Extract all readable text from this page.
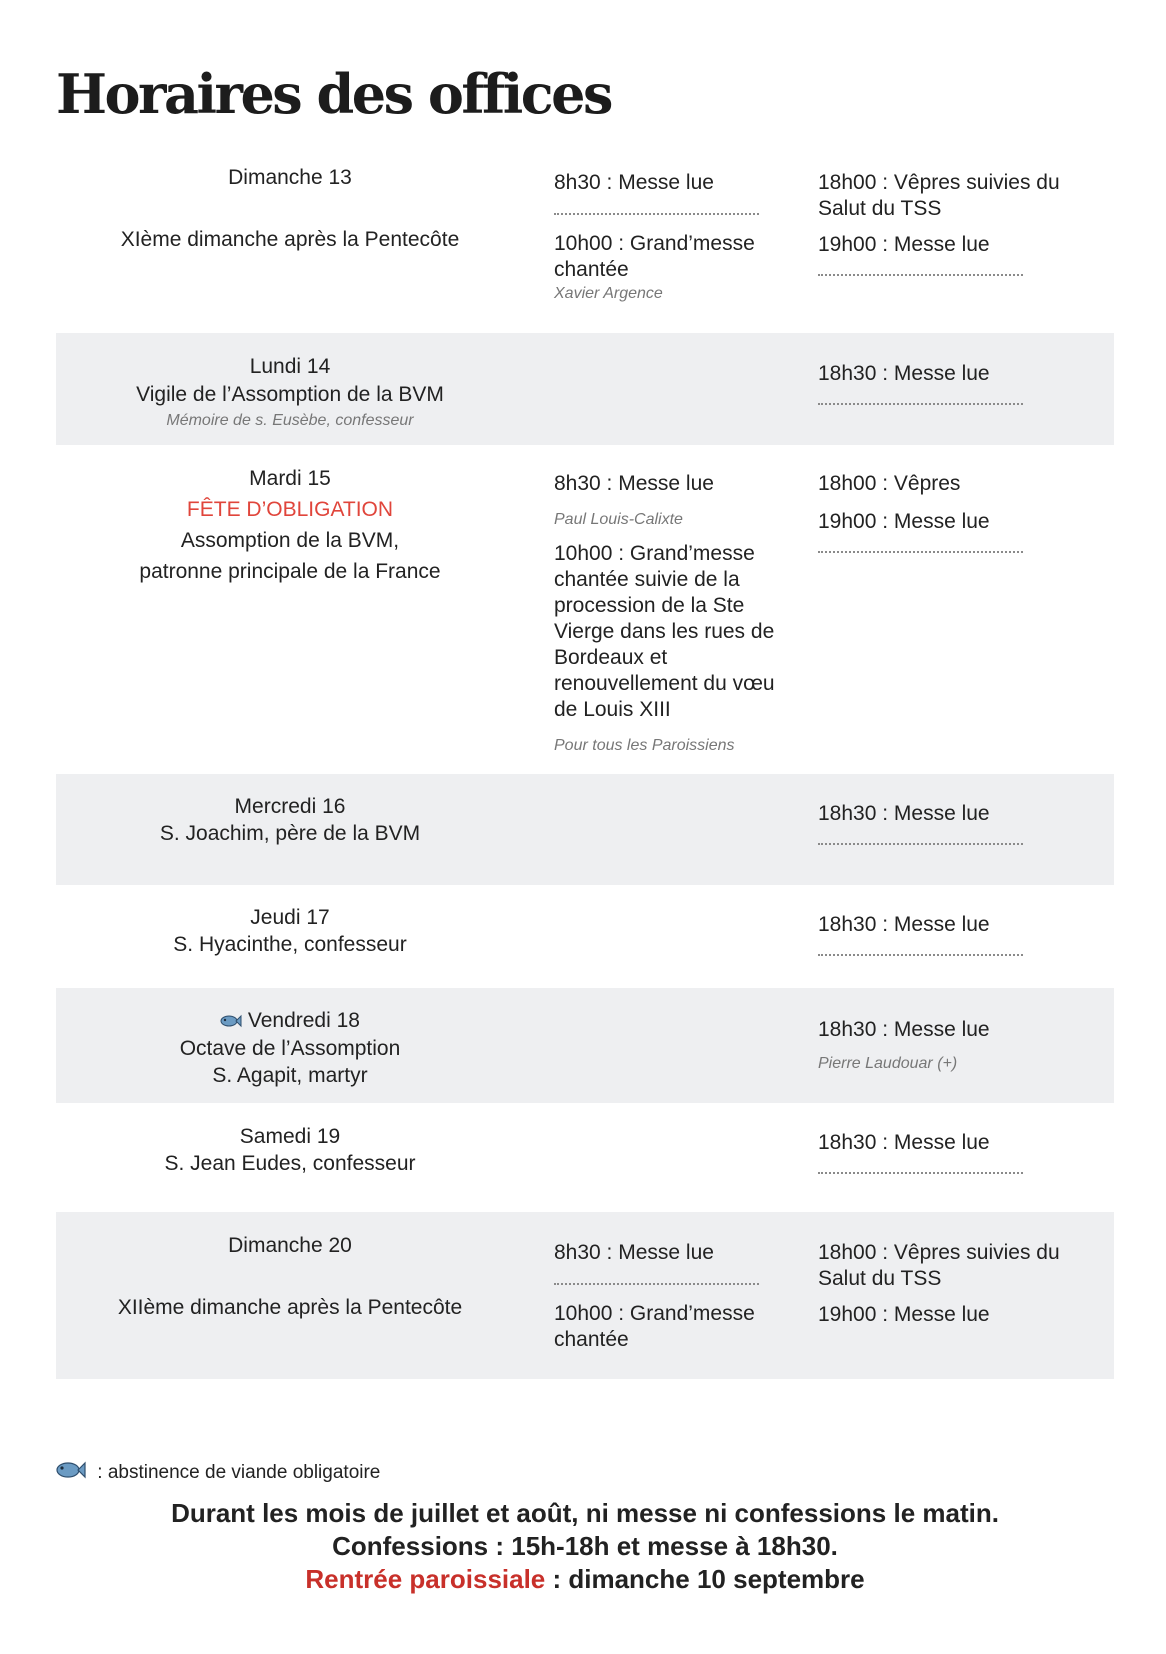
Horaires des offices
Dimanche 13
XIème dimanche après la Pentecôte
8h30 : Messe lue
10h00 : Grand’messe chantée
Xavier Argence
18h00 : Vêpres suivies du Salut du TSS
19h00 : Messe lue
Lundi 14
Vigile de l’Assomption de la BVM
Mémoire de s. Eusèbe, confesseur
18h30 : Messe lue
Mardi 15
FÊTE D’OBLIGATION
Assomption de la BVM,
patronne principale de la France
8h30 : Messe lue
Paul Louis-Calixte
10h00 : Grand’messe chantée suivie de la procession de la Ste Vierge dans les rues de Bordeaux et renouvellement du vœu de Louis XIII
Pour tous les Paroissiens
18h00 : Vêpres
19h00 : Messe lue
Mercredi 16
S. Joachim, père de la BVM
18h30 : Messe lue
Jeudi 17
S. Hyacinthe, confesseur
18h30 : Messe lue
Vendredi 18
Octave de l’Assomption
S. Agapit, martyr
18h30 : Messe lue
Pierre Laudouar (+)
Samedi 19
S. Jean Eudes, confesseur
18h30 : Messe lue
Dimanche 20
XIIème dimanche après la Pentecôte
8h30 : Messe lue
10h00 : Grand’messe chantée
18h00 : Vêpres suivies du Salut du TSS
19h00 : Messe lue
: abstinence de viande obligatoire
Durant les mois de juillet et août, ni messe ni confessions le matin.
Confessions : 15h-18h et messe à 18h30.
Rentrée paroissiale : dimanche 10 septembre
